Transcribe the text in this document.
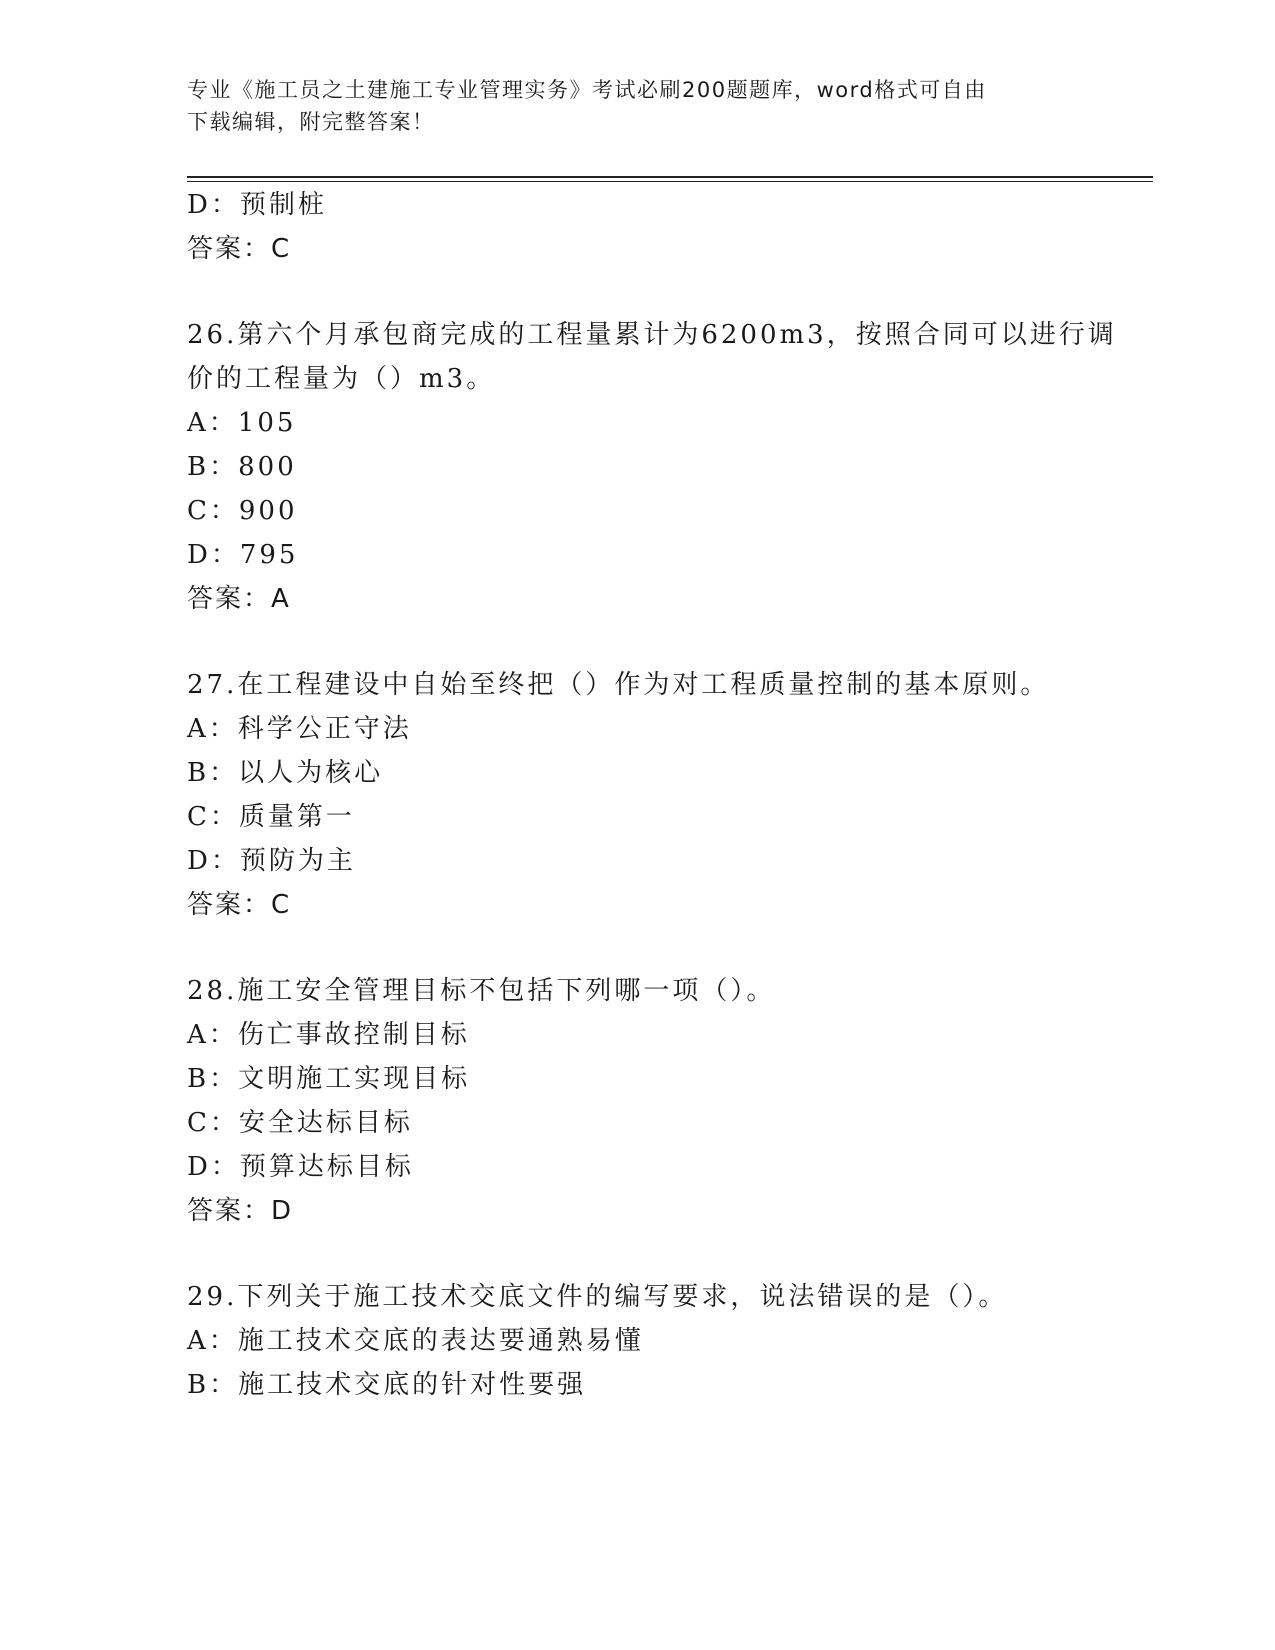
专业《施工员之土建施工专业管理实务》考试必刷200题题库，word格式可自由
下载编辑，附完整答案！
D：预制桩
答案：C
26.第六个月承包商完成的工程量累计为6200m3，按照合同可以进行调
价的工程量为（）m3。
A：105
B：800
C：900
D：795
答案：A
27.在工程建设中自始至终把（）作为对工程质量控制的基本原则。
A：科学公正守法
B：以人为核心
C：质量第一
D：预防为主
答案：C
28.施工安全管理目标不包括下列哪一项（）。
A：伤亡事故控制目标
B：文明施工实现目标
C：安全达标目标
D：预算达标目标
答案：D
29.下列关于施工技术交底文件的编写要求，说法错误的是（）。
A：施工技术交底的表达要通熟易懂
B：施工技术交底的针对性要强
